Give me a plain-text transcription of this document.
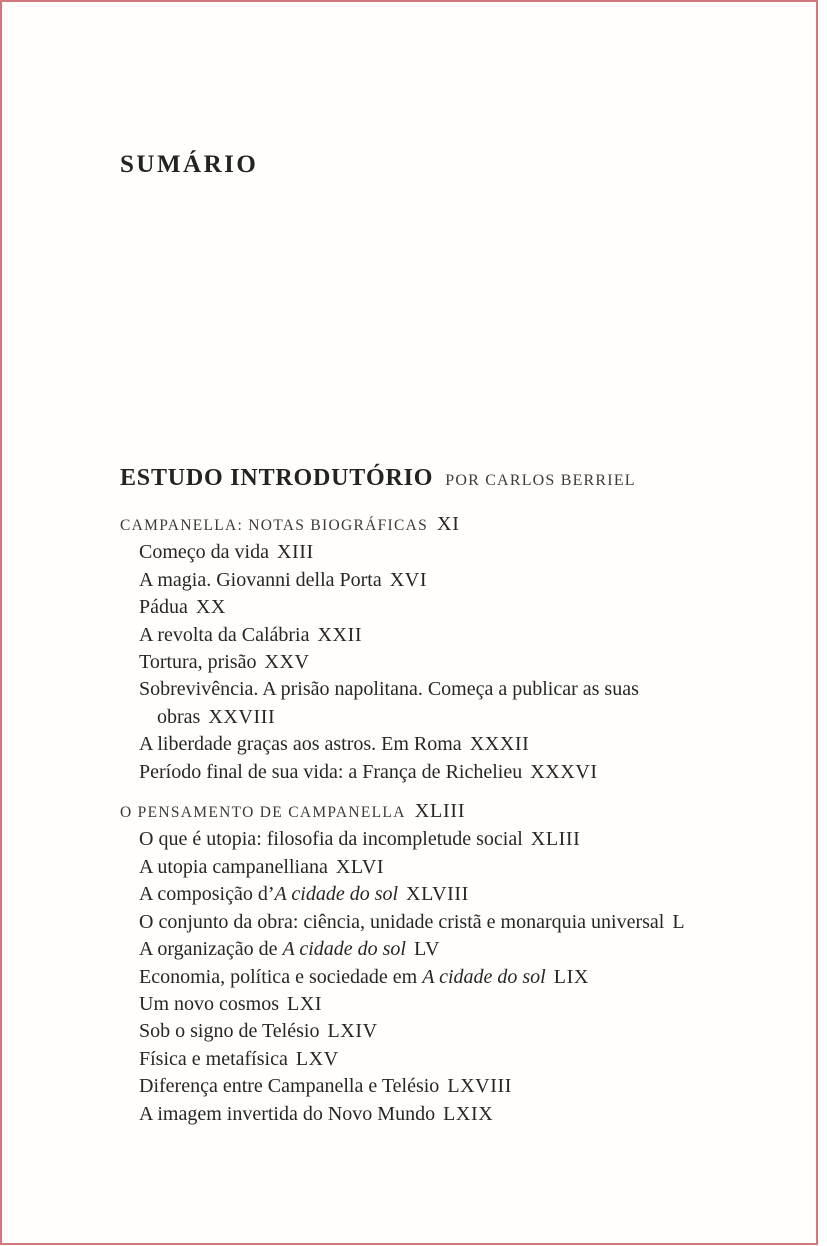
SUMÁRIO
ESTUDO INTRODUTÓRIO POR CARLOS BERRIEL
CAMPANELLA: NOTAS BIOGRÁFICAS XI
Começo da vida XIII
A magia. Giovanni della Porta XVI
Pádua XX
A revolta da Calábria XXII
Tortura, prisão XXV
Sobrevivência. A prisão napolitana. Começa a publicar as suas obras XXVIII
A liberdade graças aos astros. Em Roma XXXII
Período final de sua vida: a França de Richelieu XXXVI
O PENSAMENTO DE CAMPANELLA XLIII
O que é utopia: filosofia da incompletude social XLIII
A utopia campanelliana XLVI
A composição d’A cidade do sol XLVIII
O conjunto da obra: ciência, unidade cristã e monarquia universal L
A organização de A cidade do sol LV
Economia, política e sociedade em A cidade do sol LIX
Um novo cosmos LXI
Sob o signo de Telésio LXIV
Física e metafísica LXV
Diferença entre Campanella e Telésio LXVIII
A imagem invertida do Novo Mundo LXIX
